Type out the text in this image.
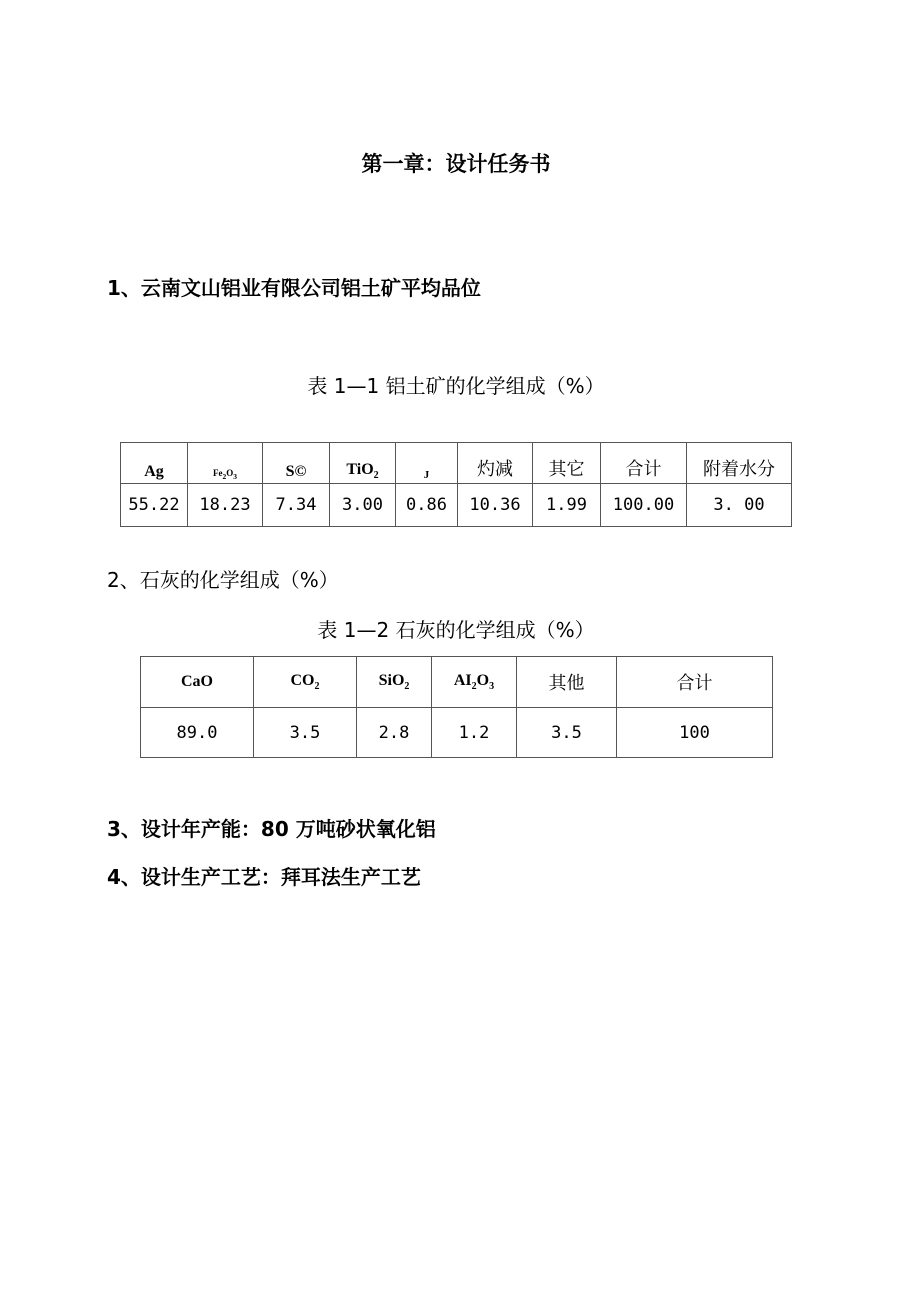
第一章：设计任务书
1、云南文山铝业有限公司铝土矿平均品位
表 1—1 铝土矿的化学组成（%）
Ag	$Fe_2O_3$	S©	TiO$_2$	J	灼减	其它	合计	附着水分
55.22	18.23	7.34	3.00	0.86	10.36	1.99	100.00	3. 00
2、石灰的化学组成（%）
表 1—2 石灰的化学组成（%）
CaO	$CO_2$	SiO$_2$	$AI_2O_3$	其他	合计
89.0	3.5	2.8	1.2	3.5	100
3、设计年产能：80 万吨砂状氧化铝
4、设计生产工艺：拜耳法生产工艺
